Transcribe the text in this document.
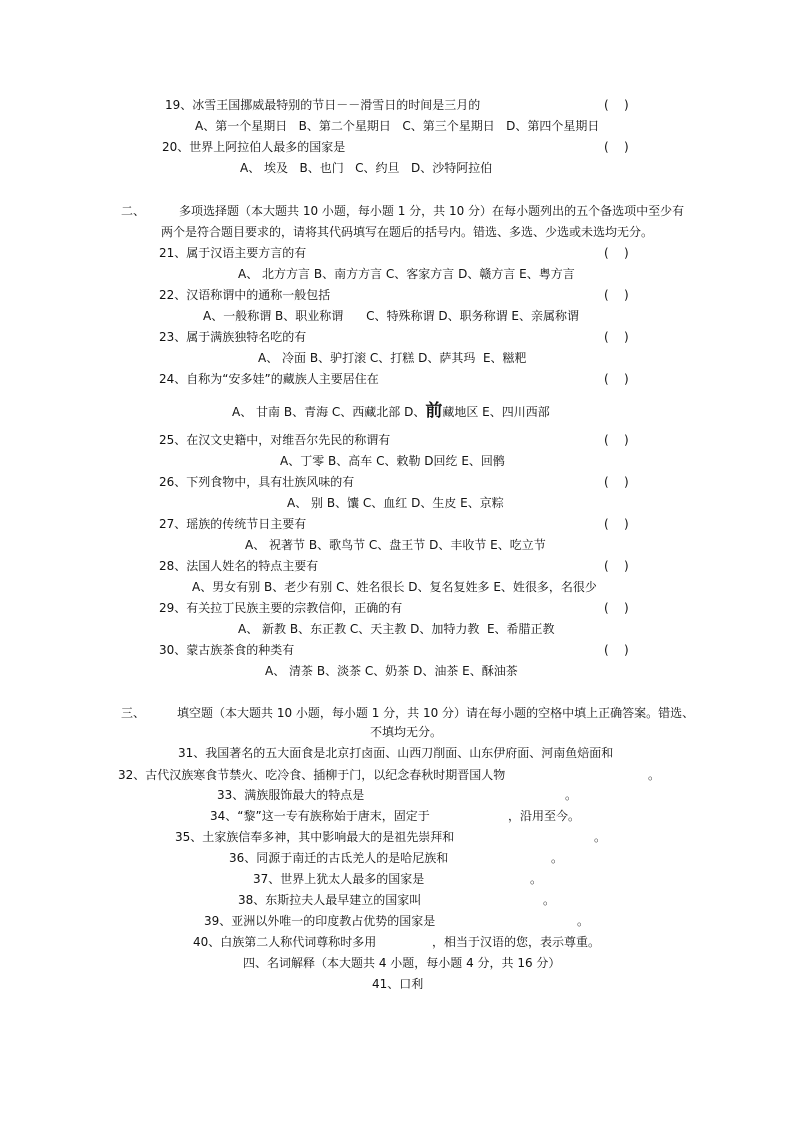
19、冰雪王国挪威最特别的节日－－滑雪日的时间是三月的	(    )
A、第一个星期日   B、第二个星期日   C、第三个星期日   D、第四个星期日
20、世界上阿拉伯人最多的国家是	(    )
A、 埃及   B、也门   C、约旦   D、沙特阿拉伯
二、	多项选择题（本大题共 10 小题，每小题 1 分，共 10 分）在每小题列出的五个备选项中至少有
两个是符合题目要求的，请将其代码填写在题后的括号内。错选、多选、少选或未选均无分。
21、属于汉语主要方言的有	(    )
A、 北方方言 B、南方方言 C、客家方言 D、赣方言 E、粤方言
22、汉语称谓中的通称一般包括	(    )
A、一般称谓 B、职业称谓      C、特殊称谓 D、职务称谓 E、亲属称谓
23、属于满族独特名吃的有	(    )
A、 冷面 B、驴打滚 C、打糕 D、萨其玛  E、糍粑
24、自称为“安多娃”的藏族人主要居住在	(    )
A、 甘南 B、青海 C、西藏北部 D、前藏地区 E、四川西部
25、在汉文史籍中，对维吾尔先民的称谓有	(    )
A、丁零 B、高车 C、敕勒 D回纥 E、回鹘
26、下列食物中，具有壮族风味的有	(    )
A、 别 B、馕 C、血红 D、生皮 E、京粽
27、瑶族的传统节日主要有	(    )
A、 祝著节 B、歌鸟节 C、盘王节 D、丰收节 E、吃立节
28、法国人姓名的特点主要有	(    )
A、男女有别 B、老少有别 C、姓名很长 D、复名复姓多 E、姓很多，名很少
29、有关拉丁民族主要的宗教信仰，正确的有	(    )
A、 新教 B、东正教 C、天主教 D、加特力教  E、希腊正教
30、蒙古族茶食的种类有	(    )
A、 清茶 B、淡茶 C、奶茶 D、油茶 E、酥油茶
三、	填空题（本大题共 10 小题，每小题 1 分，共 10 分）请在每小题的空格中填上正确答案。错选、
不填均无分。
31、我国著名的五大面食是北京打卤面、山西刀削面、山东伊府面、河南鱼焙面和
32、古代汉族寒食节禁火、吃冷食、插柳于门，以纪念春秋时期晋国人物	。
33、满族服饰最大的特点是	。
34、“黎”这一专有族称始于唐末，固定于	，沿用至今。
35、土家族信奉多神，其中影响最大的是祖先崇拜和	。
36、同源于南迁的古氐羌人的是哈尼族和	。
37、世界上犹太人最多的国家是	。
38、东斯拉夫人最早建立的国家叫	。
39、亚洲以外唯一的印度教占优势的国家是	。
40、白族第二人称代词尊称时多用	，相当于汉语的您，表示尊重。
四、名词解释（本大题共 4 小题，每小题 4 分，共 16 分）
41、口利
